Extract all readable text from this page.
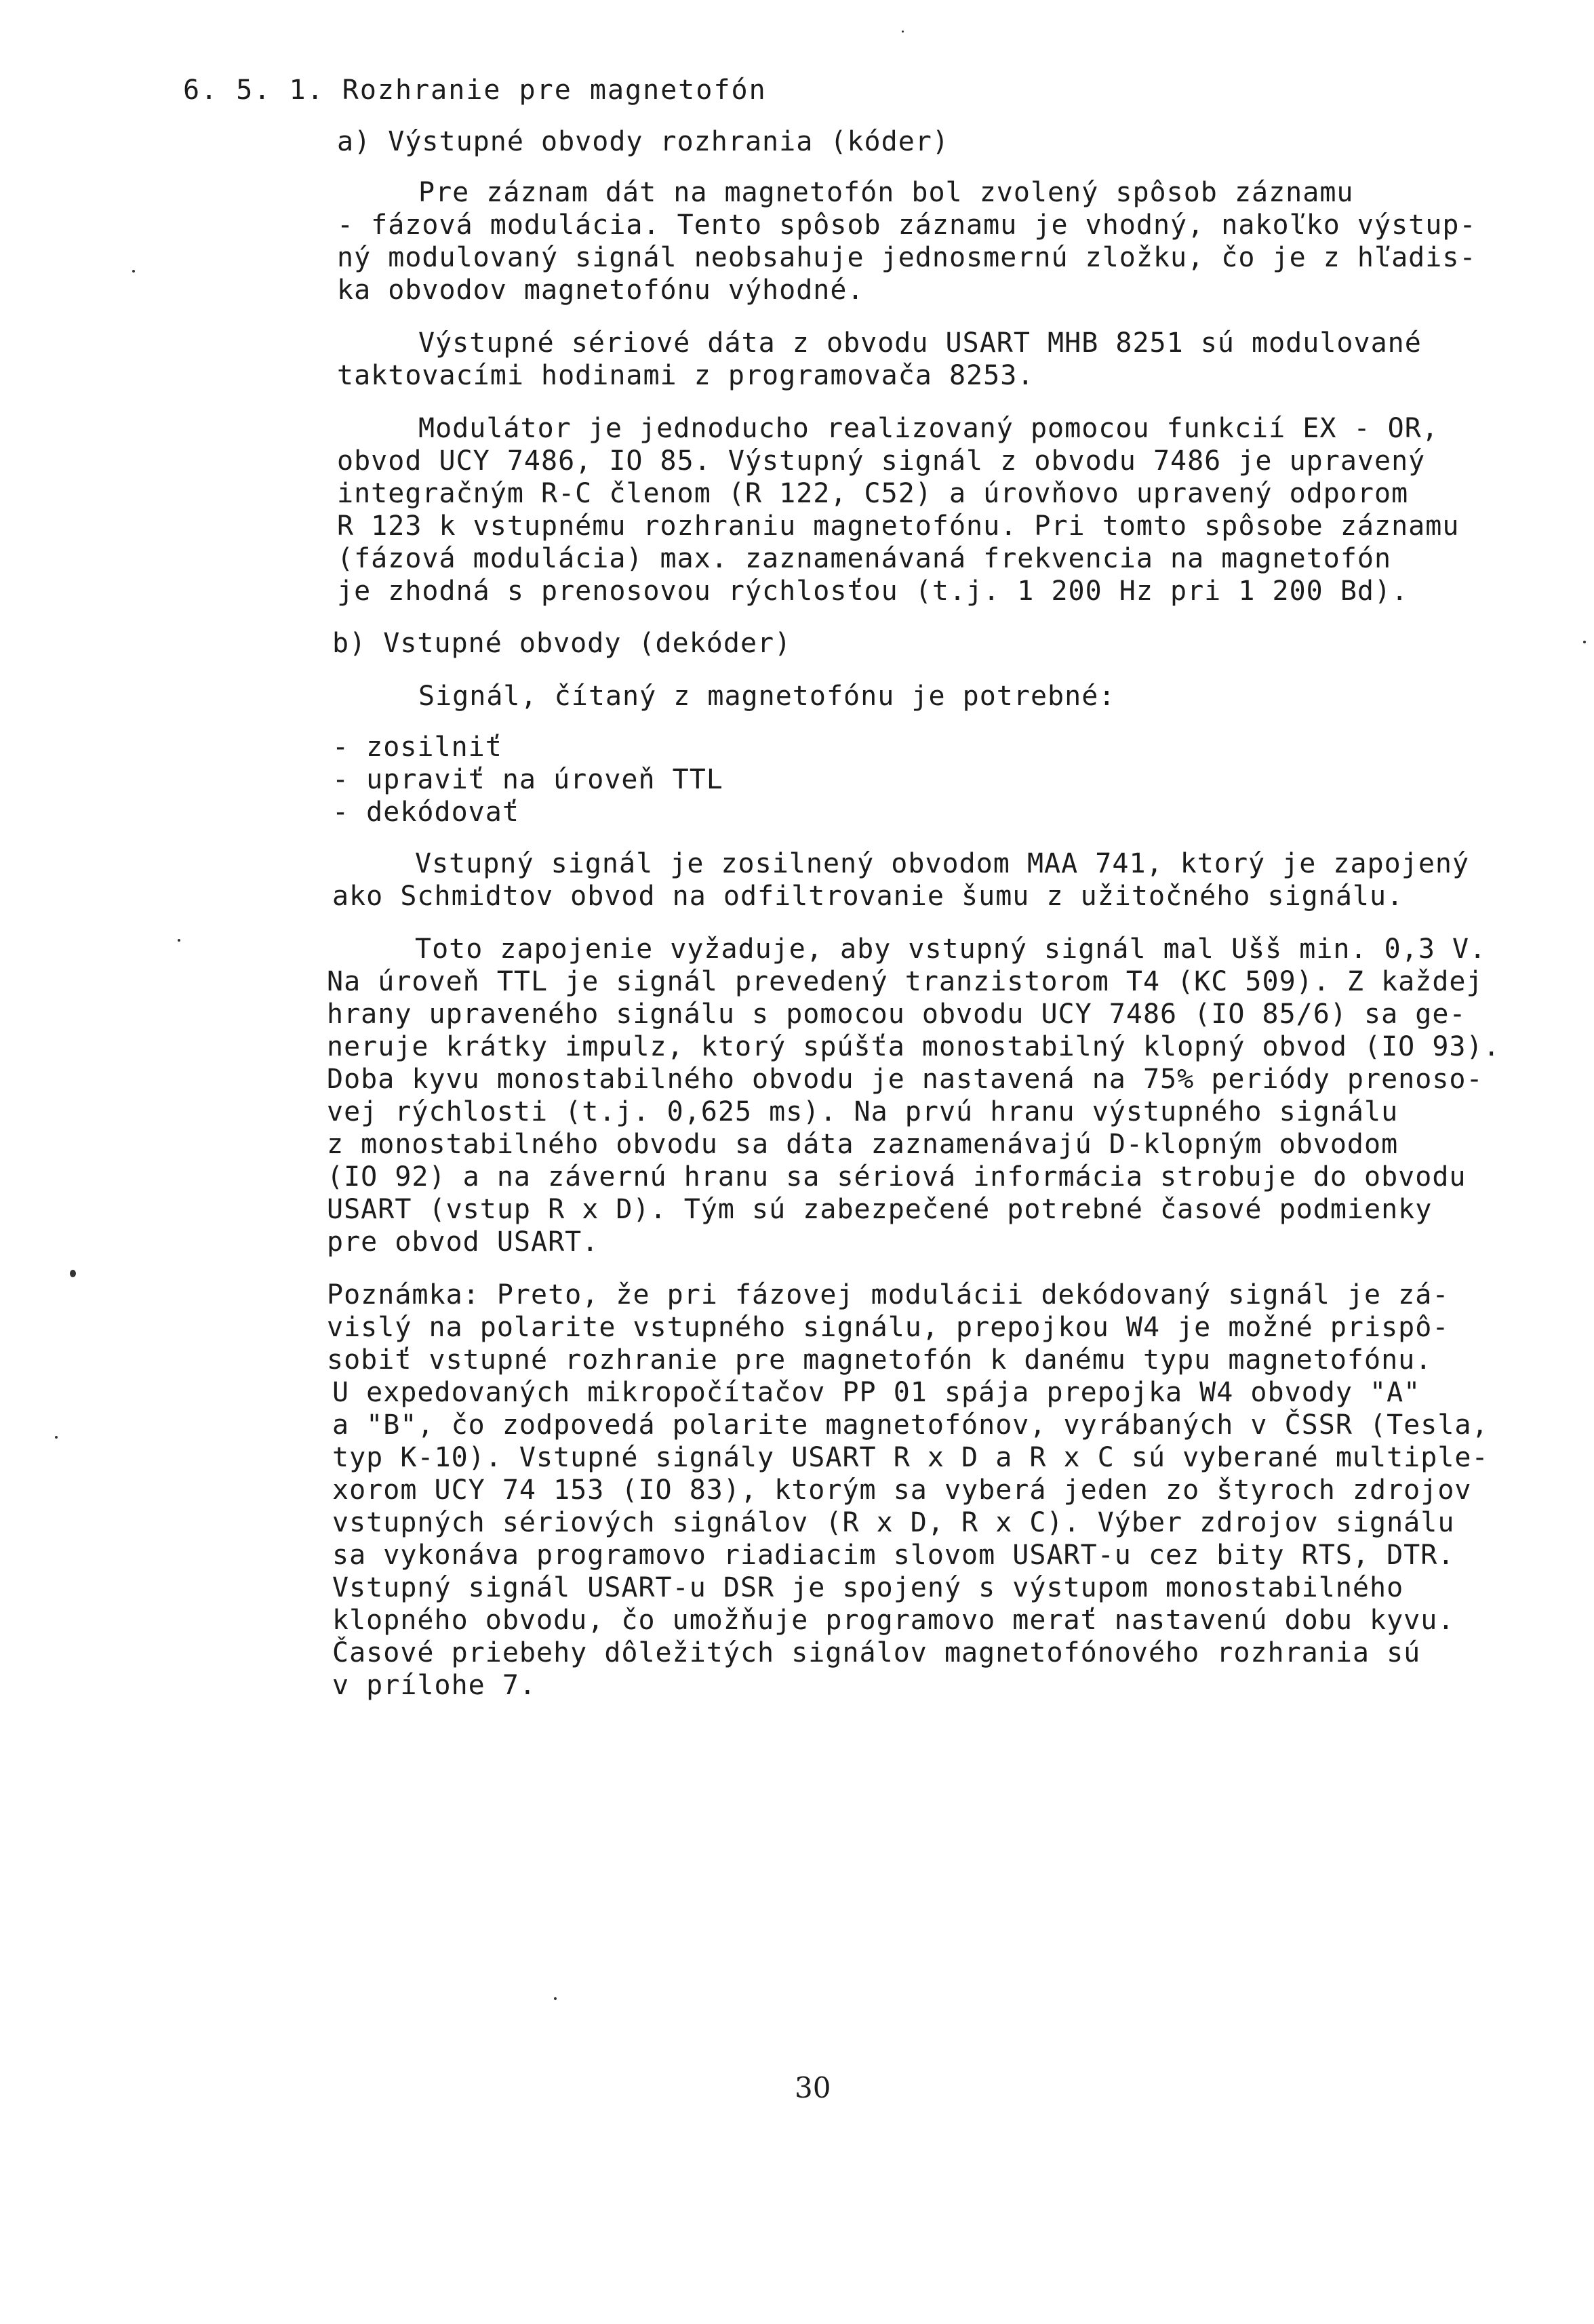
6. 5. 1. Rozhranie pre magnetofón
a) Výstupné obvody rozhrania (kóder)
Pre záznam dát na magnetofón bol zvolený spôsob záznamu
- fázová modulácia. Tento spôsob záznamu je vhodný, nakoľko výstup-
ný modulovaný signál neobsahuje jednosmernú zložku, čo je z hľadis-
ka obvodov magnetofónu výhodné.
Výstupné sériové dáta z obvodu USART MHB 8251 sú modulované
taktovacími hodinami z programovača 8253.
Modulátor je jednoducho realizovaný pomocou funkcií EX - OR,
obvod UCY 7486, IO 85. Výstupný signál z obvodu 7486 je upravený
integračným R-C členom (R 122, C52) a úrovňovo upravený odporom
R 123 k vstupnému rozhraniu magnetofónu. Pri tomto spôsobe záznamu
(fázová modulácia) max. zaznamenávaná frekvencia na magnetofón
je zhodná s prenosovou rýchlosťou (t.j. 1 200 Hz pri 1 200 Bd).
b) Vstupné obvody (dekóder)
Signál, čítaný z magnetofónu je potrebné:
- zosilniť
- upraviť na úroveň TTL
- dekódovať
Vstupný signál je zosilnený obvodom MAA 741, ktorý je zapojený
ako Schmidtov obvod na odfiltrovanie šumu z užitočného signálu.
Toto zapojenie vyžaduje, aby vstupný signál mal Ušš min. 0,3 V.
Na úroveň TTL je signál prevedený tranzistorom T4 (KC 509). Z každej
hrany upraveného signálu s pomocou obvodu UCY 7486 (IO 85/6) sa ge-
neruje krátky impulz, ktorý spúšťa monostabilný klopný obvod (IO 93).
Doba kyvu monostabilného obvodu je nastavená na 75% periódy prenoso-
vej rýchlosti (t.j. 0,625 ms). Na prvú hranu výstupného signálu
z monostabilného obvodu sa dáta zaznamenávajú D-klopným obvodom
(IO 92) a na závernú hranu sa sériová informácia strobuje do obvodu
USART (vstup R x D). Tým sú zabezpečené potrebné časové podmienky
pre obvod USART.
Poznámka: Preto, že pri fázovej modulácii dekódovaný signál je zá-
vislý na polarite vstupného signálu, prepojkou W4 je možné prispô-
sobiť vstupné rozhranie pre magnetofón k danému typu magnetofónu.
U expedovaných mikropočítačov PP 01 spája prepojka W4 obvody "A"
a "B", čo zodpovedá polarite magnetofónov, vyrábaných v ČSSR (Tesla,
typ K-10). Vstupné signály USART R x D a R x C sú vyberané multiple-
xorom UCY 74 153 (IO 83), ktorým sa vyberá jeden zo štyroch zdrojov
vstupných sériových signálov (R x D, R x C). Výber zdrojov signálu
sa vykonáva programovo riadiacim slovom USART-u cez bity RTS, DTR.
Vstupný signál USART-u DSR je spojený s výstupom monostabilného
klopného obvodu, čo umožňuje programovo merať nastavenú dobu kyvu.
Časové priebehy dôležitých signálov magnetofónového rozhrania sú
v prílohe 7.
30
